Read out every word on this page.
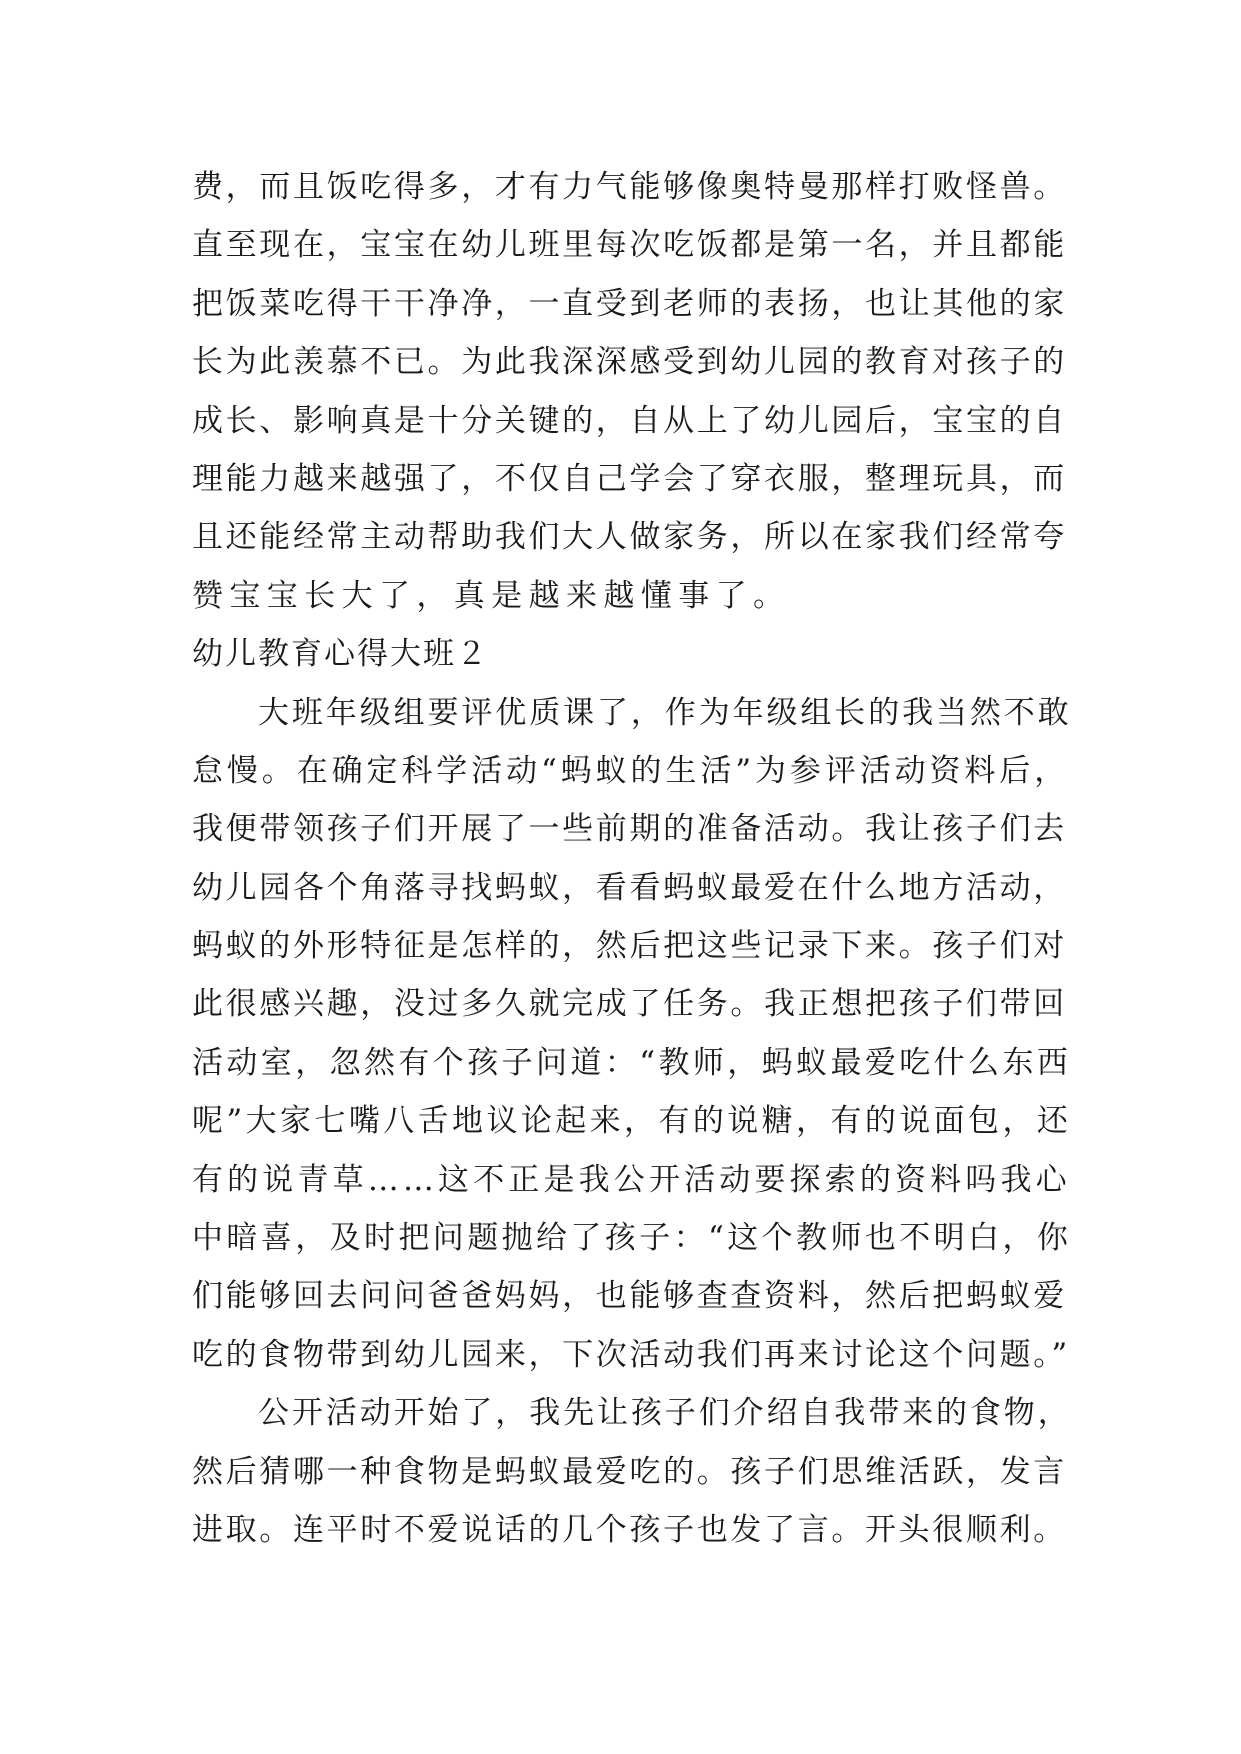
费，而且饭吃得多，才有力气能够像奥特曼那样打败怪兽。
直至现在，宝宝在幼儿班里每次吃饭都是第一名，并且都能
把饭菜吃得干干净净，一直受到老师的表扬，也让其他的家
长为此羡慕不已。为此我深深感受到幼儿园的教育对孩子的
成长、影响真是十分关键的，自从上了幼儿园后，宝宝的自
理能力越来越强了，不仅自己学会了穿衣服，整理玩具，而
且还能经常主动帮助我们大人做家务，所以在家我们经常夸
赞宝宝长大了，真是越来越懂事了。
幼儿教育心得大班２
大班年级组要评优质课了，作为年级组长的我当然不敢
怠慢。在确定科学活动“蚂蚁的生活”为参评活动资料后，
我便带领孩子们开展了一些前期的准备活动。我让孩子们去
幼儿园各个角落寻找蚂蚁，看看蚂蚁最爱在什么地方活动，
蚂蚁的外形特征是怎样的，然后把这些记录下来。孩子们对
此很感兴趣，没过多久就完成了任务。我正想把孩子们带回
活动室，忽然有个孩子问道：“教师，蚂蚁最爱吃什么东西
呢”大家七嘴八舌地议论起来，有的说糖，有的说面包，还
有的说青草……这不正是我公开活动要探索的资料吗我心
中暗喜，及时把问题抛给了孩子：“这个教师也不明白，你
们能够回去问问爸爸妈妈，也能够查查资料，然后把蚂蚁爱
吃的食物带到幼儿园来，下次活动我们再来讨论这个问题。”
公开活动开始了，我先让孩子们介绍自我带来的食物，
然后猜哪一种食物是蚂蚁最爱吃的。孩子们思维活跃，发言
进取。连平时不爱说话的几个孩子也发了言。开头很顺利。
